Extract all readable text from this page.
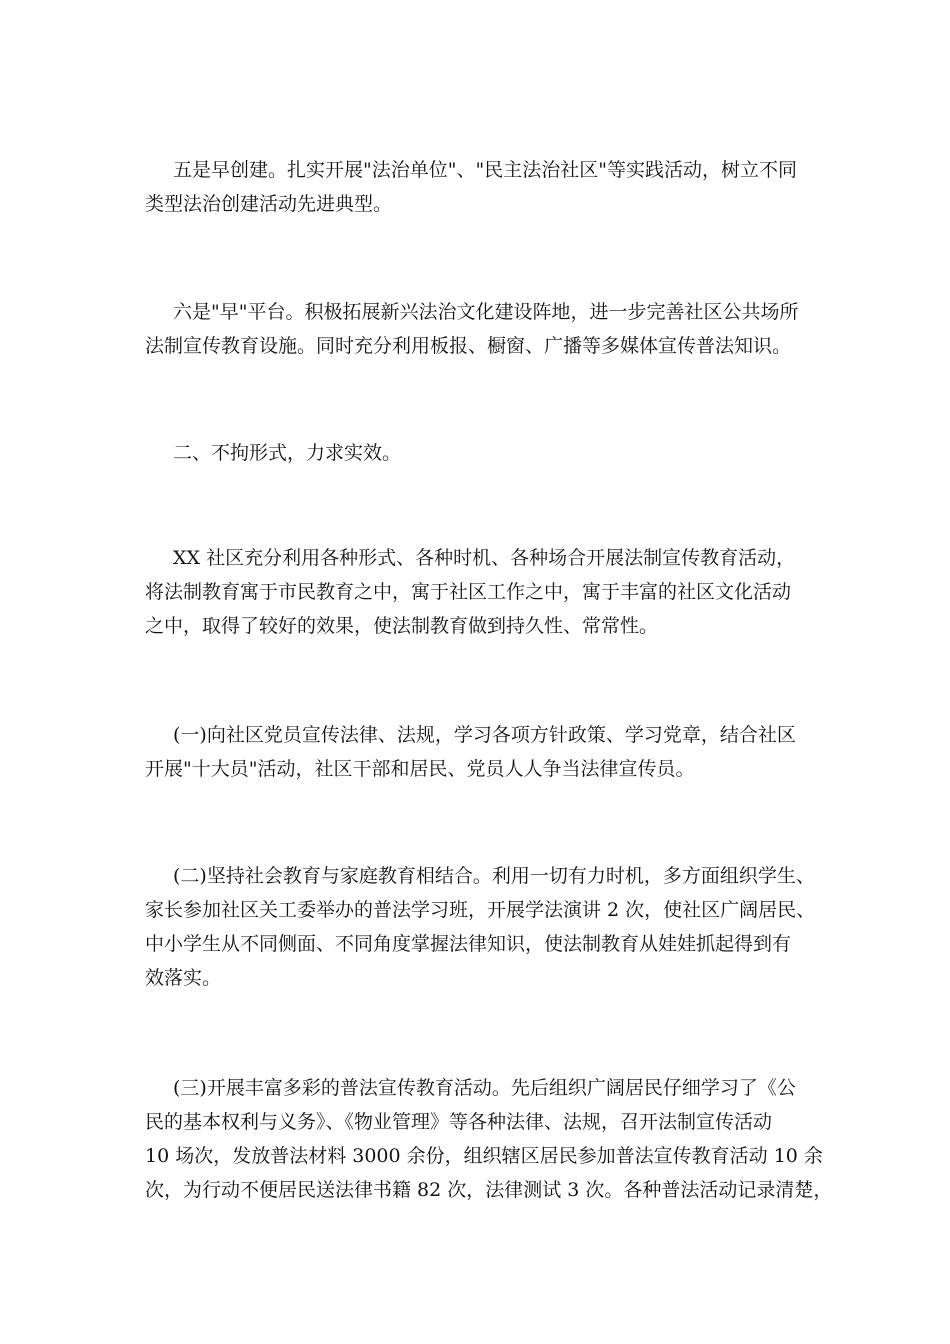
五是早创建。扎实开展"法治单位"、"民主法治社区"等实践活动，树立不同
类型法治创建活动先进典型。
六是"早"平台。积极拓展新兴法治文化建设阵地，进一步完善社区公共场所
法制宣传教育设施。同时充分利用板报、橱窗、广播等多媒体宣传普法知识。
二、不拘形式，力求实效。
XX 社区充分利用各种形式、各种时机、各种场合开展法制宣传教育活动，
将法制教育寓于市民教育之中，寓于社区工作之中，寓于丰富的社区文化活动
之中，取得了较好的效果，使法制教育做到持久性、常常性。
(一)向社区党员宣传法律、法规，学习各项方针政策、学习党章，结合社区
开展"十大员"活动，社区干部和居民、党员人人争当法律宣传员。
(二)坚持社会教育与家庭教育相结合。利用一切有力时机，多方面组织学生、
家长参加社区关工委举办的普法学习班，开展学法演讲 2 次，使社区广阔居民、
中小学生从不同侧面、不同角度掌握法律知识，使法制教育从娃娃抓起得到有
效落实。
(三)开展丰富多彩的普法宣传教育活动。先后组织广阔居民仔细学习了《公
民的基本权利与义务》、《物业管理》等各种法律、法规，召开法制宣传活动
10 场次，发放普法材料 3000 余份，组织辖区居民参加普法宣传教育活动 10 余
次，为行动不便居民送法律书籍 82 次，法律测试 3 次。各种普法活动记录清楚，
